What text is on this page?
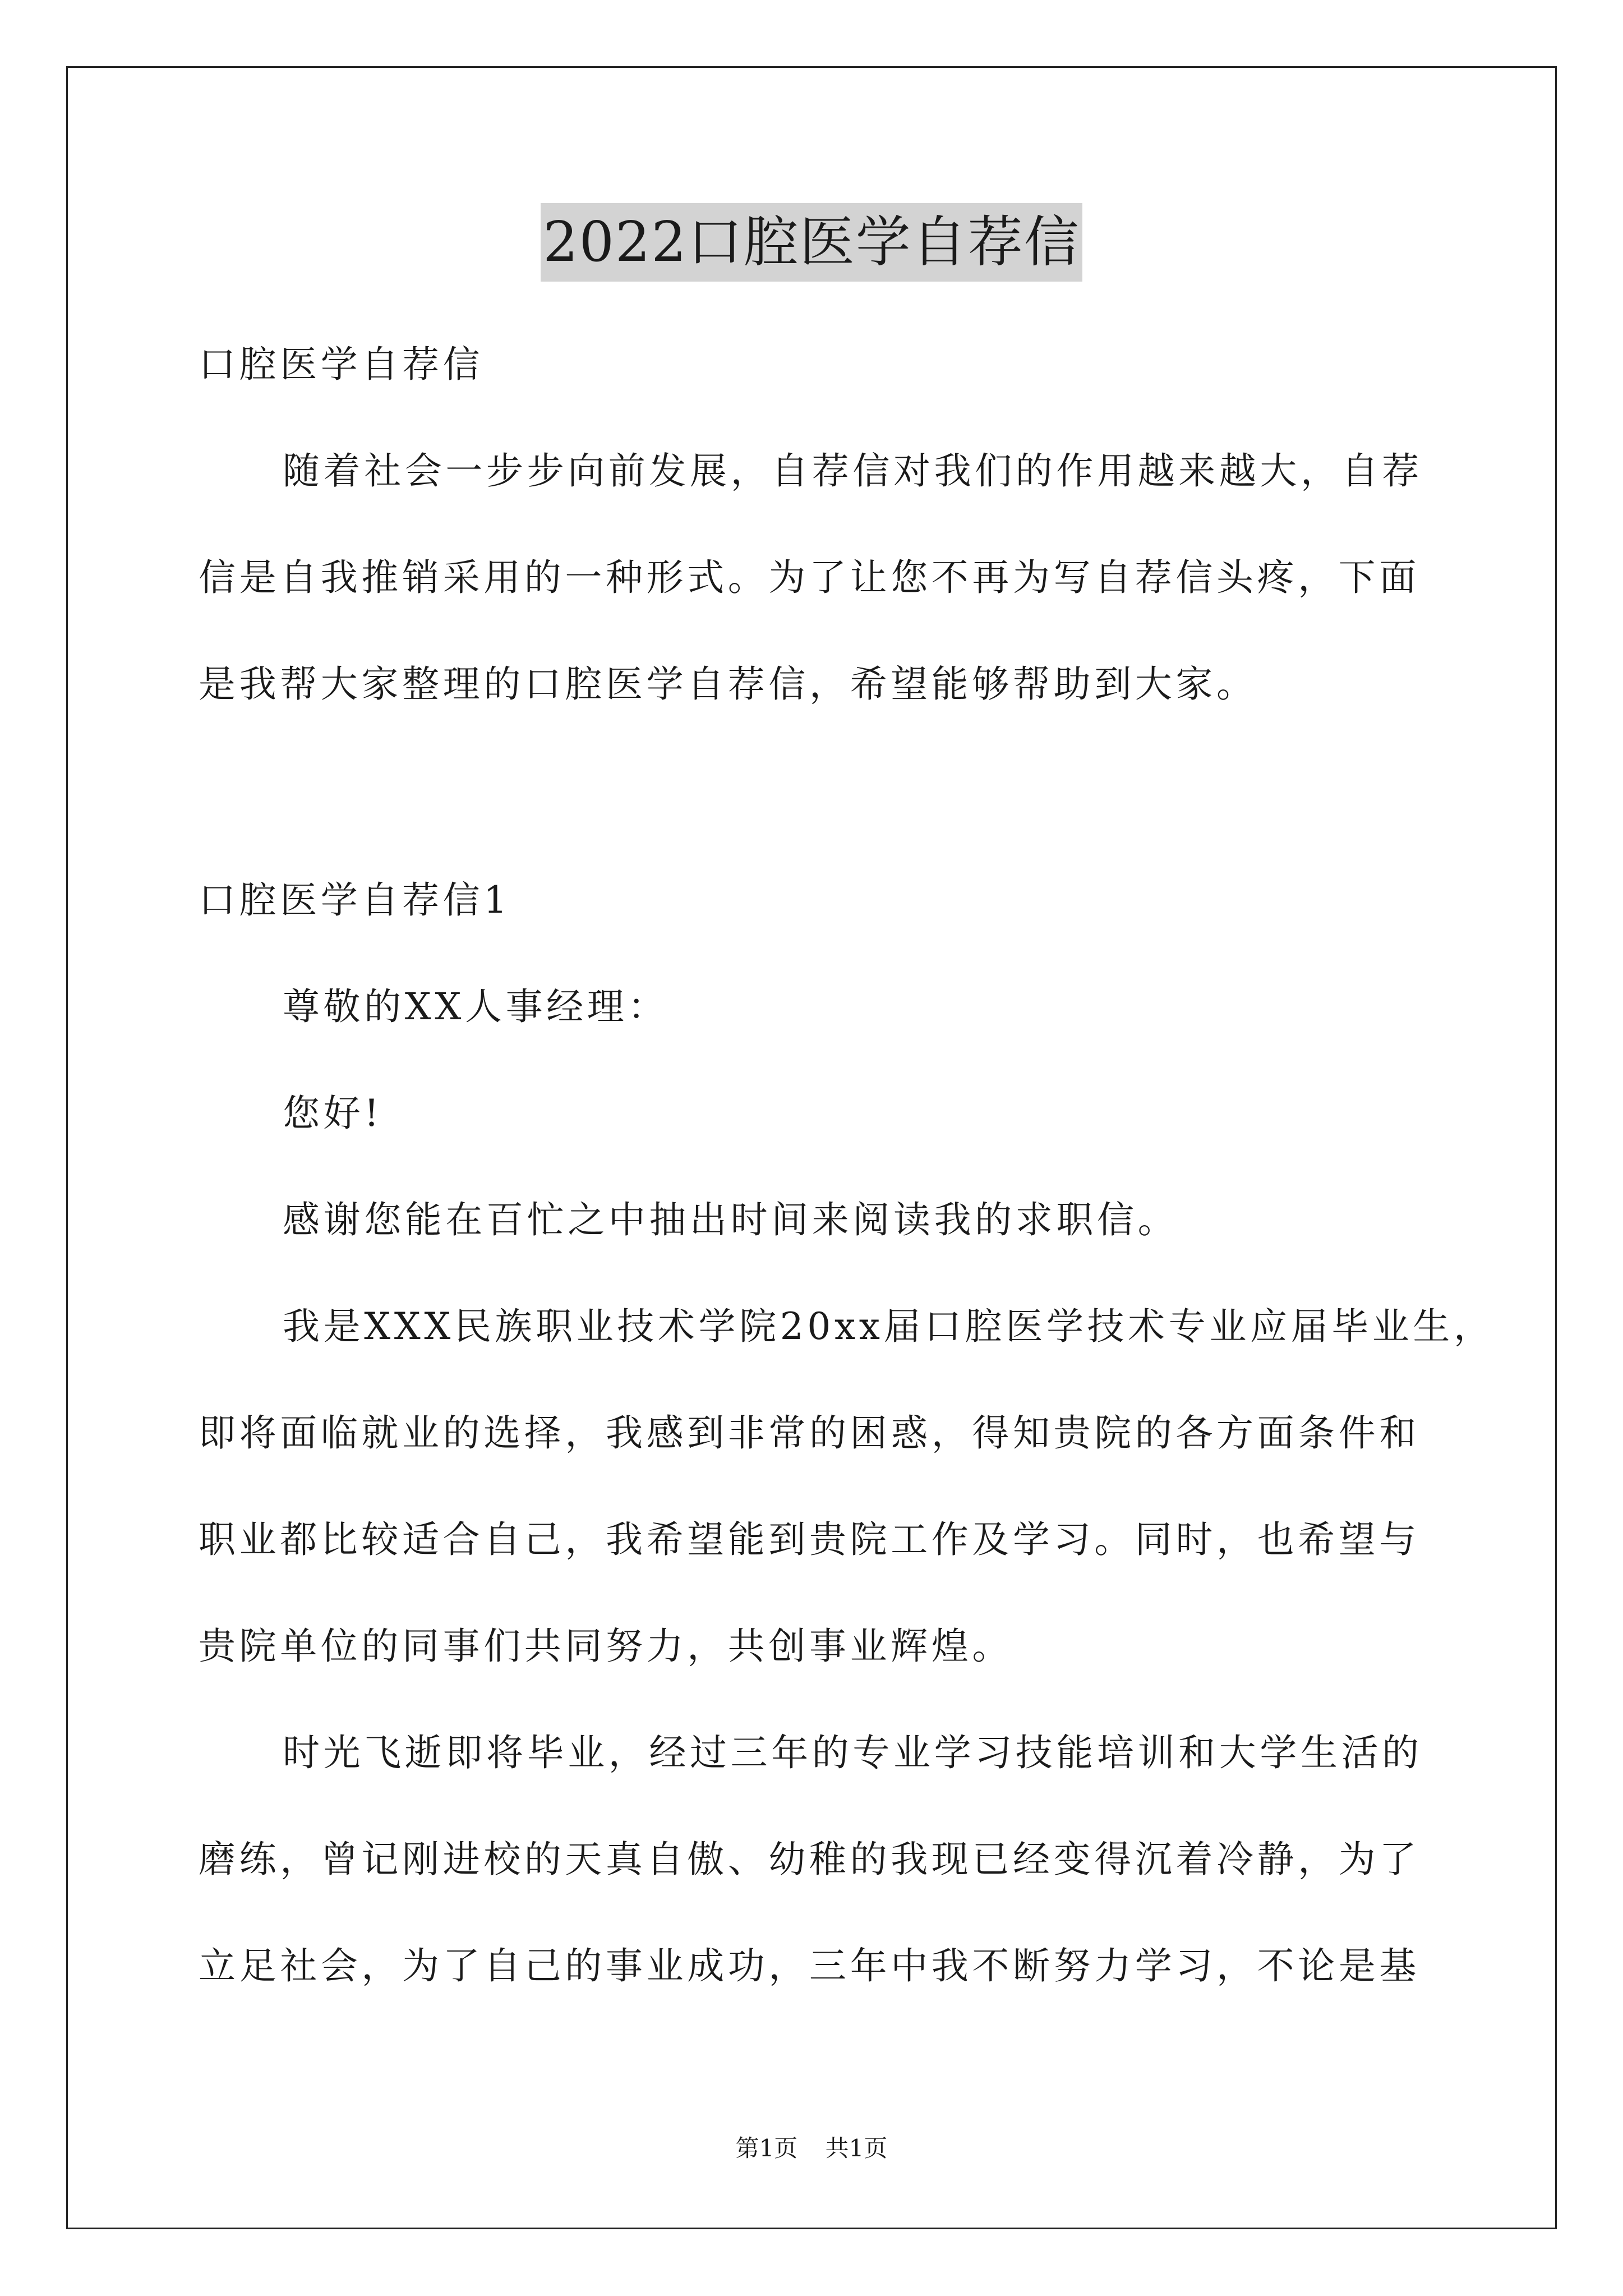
2022口腔医学自荐信
口腔医学自荐信
随着社会一步步向前发展，自荐信对我们的作用越来越大，自荐
信是自我推销采用的一种形式。为了让您不再为写自荐信头疼，下面
是我帮大家整理的口腔医学自荐信，希望能够帮助到大家。
口腔医学自荐信1
尊敬的XX人事经理：
您好!
感谢您能在百忙之中抽出时间来阅读我的求职信。
我是XXX民族职业技术学院20xx届口腔医学技术专业应届毕业生，
即将面临就业的选择，我感到非常的困惑，得知贵院的各方面条件和
职业都比较适合自己，我希望能到贵院工作及学习。同时，也希望与
贵院单位的同事们共同努力，共创事业辉煌。
时光飞逝即将毕业，经过三年的专业学习技能培训和大学生活的
磨练，曾记刚进校的天真自傲、幼稚的我现已经变得沉着冷静，为了
立足社会，为了自己的事业成功，三年中我不断努力学习，不论是基
第1页 共1页
